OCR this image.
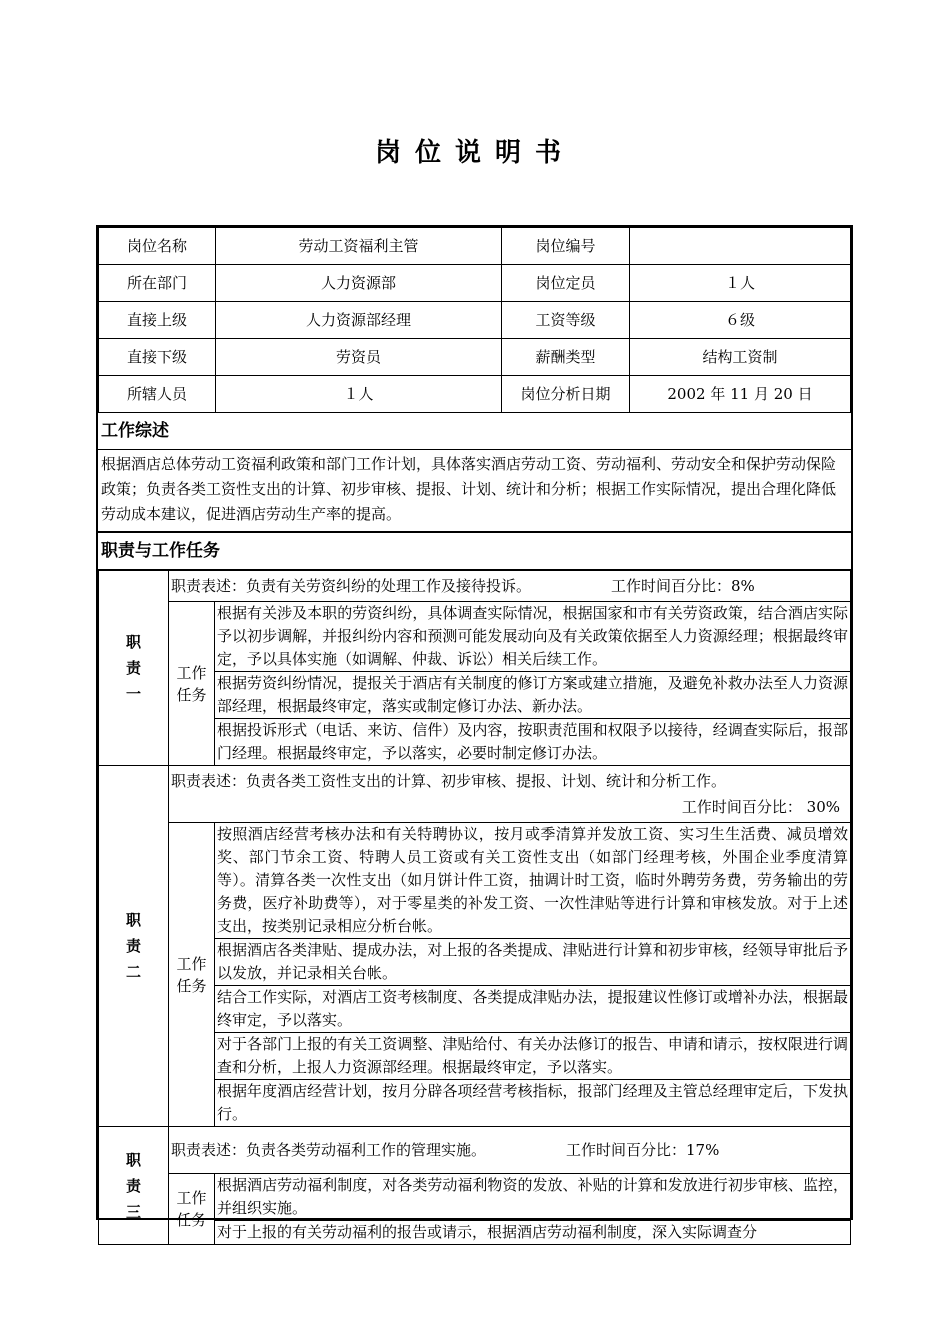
岗位说明书
岗位名称	劳动工资福利主管	岗位编号	
所在部门	人力资源部	岗位定员	１人
直接上级	人力资源部经理	工资等级	６级
直接下级	劳资员	薪酬类型	结构工资制
所辖人员	１人	岗位分析日期	2002 年 11 月 20 日
工作综述
根据酒店总体劳动工资福利政策和部门工作计划，具体落实酒店劳动工资、劳动福利、劳动安全和保护劳动保险政策；负责各类工资性支出的计算、初步审核、提报、计划、统计和分析；根据工作实际情况，提出合理化降低劳动成本建议，促进酒店劳动生产率的提高。
职责与工作任务
职责一	职责表述：负责有关劳资纠纷的处理工作及接待投诉。 工作时间百分比：8%	

	工作任务	根据有关涉及本职的劳资纠纷，具体调查实际情况，根据国家和市有关劳资政策，结合酒店实际予以初步调解，并报纠纷内容和预测可能发展动向及有关政策依据至人力资源经理；根据最终审定，予以具体实施（如调解、仲裁、诉讼）相关后续工作。
		根据劳资纠纷情况，提报关于酒店有关制度的修订方案或建立措施，及避免补救办法至人力资源部经理，根据最终审定，落实或制定修订办法、新办法。
		根据投诉形式（电话、来访、信件）及内容，按职责范围和权限予以接待，经调查实际后，报部门经理。根据最终审定，予以落实，必要时制定修订办法。

职责二	职责表述：负责各类工资性支出的计算、初步审核、提报、计划、统计和分析工作。
工作时间百分比： 30%	

	工作任务	按照酒店经营考核办法和有关特聘协议，按月或季清算并发放工资、实习生生活费、减员增效奖、部门节余工资、特聘人员工资或有关工资性支出（如部门经理考核，外围企业季度清算等）。清算各类一次性支出（如月饼计件工资，抽调计时工资，临时外聘劳务费，劳务输出的劳务费，医疗补助费等），对于零星类的补发工资、一次性津贴等进行计算和审核发放。对于上述支出，按类别记录相应分析台帐。
		根据酒店各类津贴、提成办法，对上报的各类提成、津贴进行计算和初步审核，经领导审批后予以发放，并记录相关台帐。
		结合工作实际，对酒店工资考核制度、各类提成津贴办法，提报建议性修订或增补办法，根据最终审定，予以落实。
		对于各部门上报的有关工资调整、津贴给付、有关办法修订的报告、申请和请示，按权限进行调查和分析，上报人力资源部经理。根据最终审定，予以落实。
		根据年度酒店经营计划，按月分辟各项经营考核指标，报部门经理及主管总经理审定后，下发执行。

职责三	职责表述：负责各类劳动福利工作的管理实施。 工作时间百分比：17%	

	工作任务	根据酒店劳动福利制度，对各类劳动福利物资的发放、补贴的计算和发放进行初步审核、监控，并组织实施。
		对于上报的有关劳动福利的报告或请示，根据酒店劳动福利制度，深入实际调查分
